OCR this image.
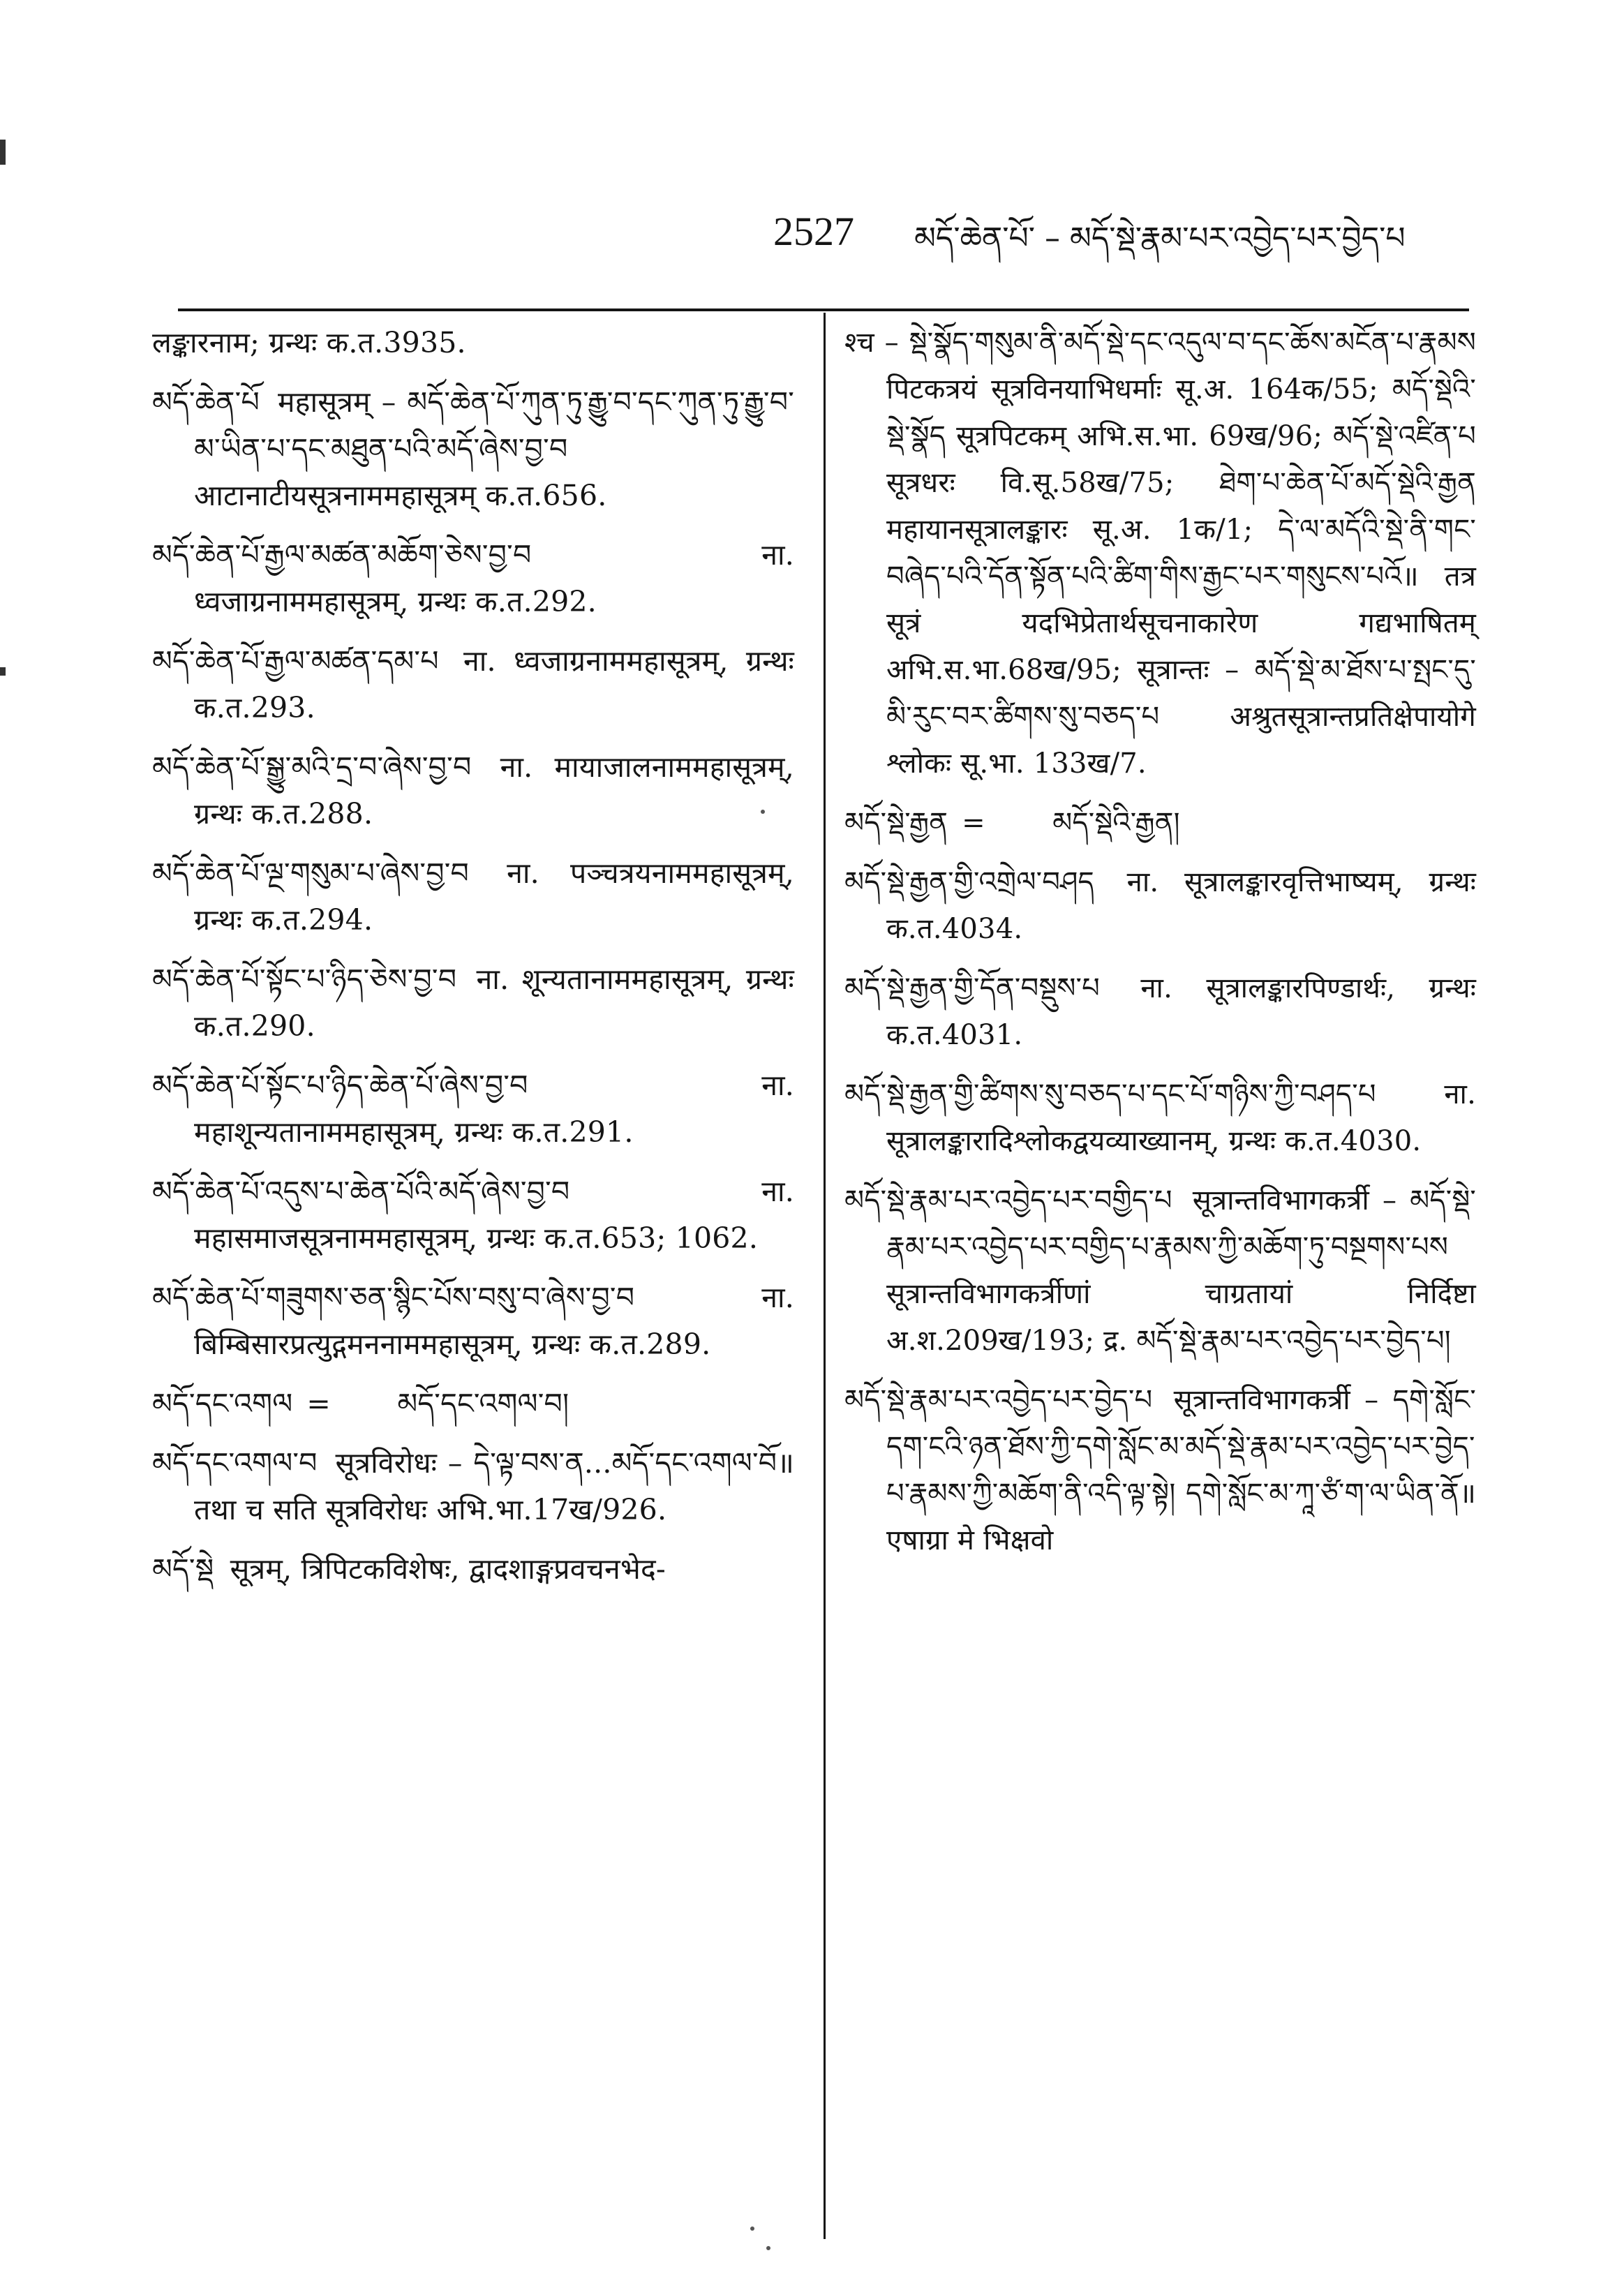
2527 མདོ་ཆེན་པོ་ – མདོ་སྡེ་རྣམ་པར་འབྱེད་པར་བྱེད་པ

लङ्कारनाम; ग्रन्थः क.त.3935.

མདོ་ཆེན་པོ महासूत्रम् – མདོ་ཆེན་པོ་ཀུན་ཏུ་རྒྱུ་བ་དང་ཀུན་ཏུ་རྒྱུ་བ་མ་ཡིན་པ་དང་མཐུན་པའི་མདོ་ཞེས་བྱ་བ आटानाटीयसूत्रनाममहासूत्रम् क.त.656.

མདོ་ཆེན་པོ་རྒྱལ་མཚན་མཆོག་ཅེས་བྱ་བ	ना. ध्वजाग्रनाममहासूत्रम्, ग्रन्थः क.त.292.

མདོ་ཆེན་པོ་རྒྱལ་མཚན་དམ་པ ना. ध्वजाग्रनाममहासूत्रम्, ग्रन्थः क.त.293.

མདོ་ཆེན་པོ་སྒྱུ་མའི་དྲ་བ་ཞེས་བྱ་བ ना. मायाजालनाममहासूत्रम्, ग्रन्थः क.त.288.

མདོ་ཆེན་པོ་ལྔ་གསུམ་པ་ཞེས་བྱ་བ ना. पञ्चत्रयनाममहासूत्रम्, ग्रन्थः क.त.294.

མདོ་ཆེན་པོ་སྟོང་པ་ཉིད་ཅེས་བྱ་བ ना. शून्यतानाममहासूत्रम्, ग्रन्थः क.त.290.

མདོ་ཆེན་པོ་སྟོང་པ་ཉིད་ཆེན་པོ་ཞེས་བྱ་བ	ना. महाशून्यतानाममहासूत्रम्, ग्रन्थः क.त.291.

མདོ་ཆེན་པོ་འདུས་པ་ཆེན་པོའི་མདོ་ཞེས་བྱ་བ	ना. महासमाजसूत्रनाममहासूत्रम्, ग्रन्थः क.त.653; 1062.

མདོ་ཆེན་པོ་གཟུགས་ཅན་སྙིང་པོས་བསུ་བ་ཞེས་བྱ་བ	ना. बिम्बिसारप्रत्युद्गमननाममहासूत्रम्, ग्रन्थः क.त.289.

མདོ་དང་འགལ = མདོ་དང་འགལ་བ།

མདོ་དང་འགལ་བ सूत्रविरोधः – དེ་ལྟ་བས་ན...མདོ་དང་འགལ་བོ॥ तथा च सति सूत्रविरोधः अभि.भा.17ख/926.

མདོ་སྡེ सूत्रम्, त्रिपिटकविशेषः, द्वादशाङ्गप्रवचनभेद-

श्च – སྡེ་སྣོད་གསུམ་ནི་མདོ་སྡེ་དང་འདུལ་བ་དང་ཆོས་མངོན་པ་རྣམས पिटकत्रयं सूत्रविनयाभिधर्माः सू.अ. 164क/55; མདོ་སྡེའི་སྡེ་སྣོད सूत्रपिटकम् अभि.स.भा. 69ख/96; མདོ་སྡེ་འཛིན་པ सूत्रधरः वि.सू.58ख/75; ཐེག་པ་ཆེན་པོ་མདོ་སྡེའི་རྒྱན महायानसूत्रालङ्कारः सू.अ. 1क/1; དེ་ལ་མདོའི་སྡེ་ནི་གང་བཞེད་པའི་དོན་སྟོན་པའི་ཚིག་གིས་རྒྱང་པར་གསུངས་པའོ॥ तत्र सूत्रं यदभिप्रेतार्थसूचनाकारेण गद्यभाषितम् अभि.स.भा.68ख/95; सूत्रान्तः – མདོ་སྡེ་མ་ཐོས་པ་སྤང་དུ་མི་རུང་བར་ཚིགས་སུ་བཅད་པ अश्रुतसूत्रान्तप्रतिक्षेपायोगे श्लोकः सू.भा. 133ख/7.

མདོ་སྡེ་རྒྱན = མདོ་སྡེའི་རྒྱན།

མདོ་སྡེ་རྒྱན་གྱི་འགྲེལ་བཤད ना. सूत्रालङ्कारवृत्तिभाष्यम्, ग्रन्थः क.त.4034.

མདོ་སྡེ་རྒྱན་གྱི་དོན་བསྡུས་པ ना. सूत्रालङ्कारपिण्डार्थः, ग्रन्थः क.त.4031.

མདོ་སྡེ་རྒྱན་གྱི་ཚིགས་སུ་བཅད་པ་དང་པོ་གཉིས་ཀྱི་བཤད་པ ना. सूत्रालङ्कारादिश्लोकद्वयव्याख्यानम्, ग्रन्थः क.त.4030.

མདོ་སྡེ་རྣམ་པར་འབྱེད་པར་བགྱིད་པ सूत्रान्तविभागकर्त्री – མདོ་སྡེ་རྣམ་པར་འབྱེད་པར་བགྱིད་པ་རྣམས་ཀྱི་མཆོག་ཏུ་བསྔགས་པས सूत्रान्तविभागकर्त्रीणां चाग्रतायां निर्दिष्टा अ.श.209ख/193; द्र. མདོ་སྡེ་རྣམ་པར་འབྱེད་པར་བྱེད་པ།

མདོ་སྡེ་རྣམ་པར་འབྱེད་པར་བྱེད་པ सूत्रान्तविभागकर्त्री – དགེ་སློང་དག་ངའི་ཉན་ཐོས་ཀྱི་དགེ་སློང་མ་མདོ་སྡེ་རྣམ་པར་འབྱེད་པར་བྱེད་པ་རྣམས་ཀྱི་མཆོག་ནི་འདི་ལྟ་སྟེ། དགེ་སློང་མ་ཀཱ་ཙཾ་ག་ལ་ཡིན་ནོ॥ एषाग्रा मे भिक्षवो
